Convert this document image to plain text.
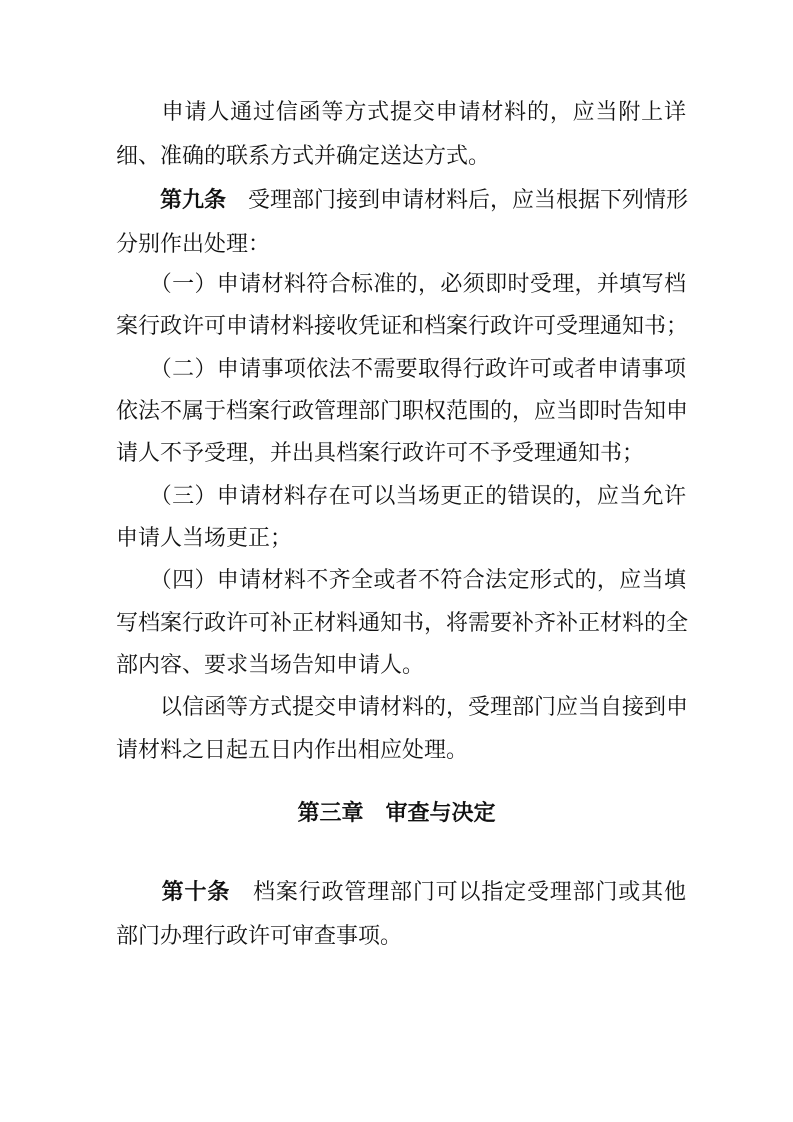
　　申请人通过信函等方式提交申请材料的，应当附上详
细、准确的联系方式并确定送达方式。
　　第九条 受理部门接到申请材料后，应当根据下列情形
分别作出处理：
　　（一）申请材料符合标准的，必须即时受理，并填写档
案行政许可申请材料接收凭证和档案行政许可受理通知书；
　　（二）申请事项依法不需要取得行政许可或者申请事项
依法不属于档案行政管理部门职权范围的，应当即时告知申
请人不予受理，并出具档案行政许可不予受理通知书；
　　（三）申请材料存在可以当场更正的错误的，应当允许
申请人当场更正；
　　（四）申请材料不齐全或者不符合法定形式的，应当填
写档案行政许可补正材料通知书，将需要补齐补正材料的全
部内容、要求当场告知申请人。
　　以信函等方式提交申请材料的，受理部门应当自接到申
请材料之日起五日内作出相应处理。
第三章 审查与决定
　　第十条 档案行政管理部门可以指定受理部门或其他
部门办理行政许可审查事项。
